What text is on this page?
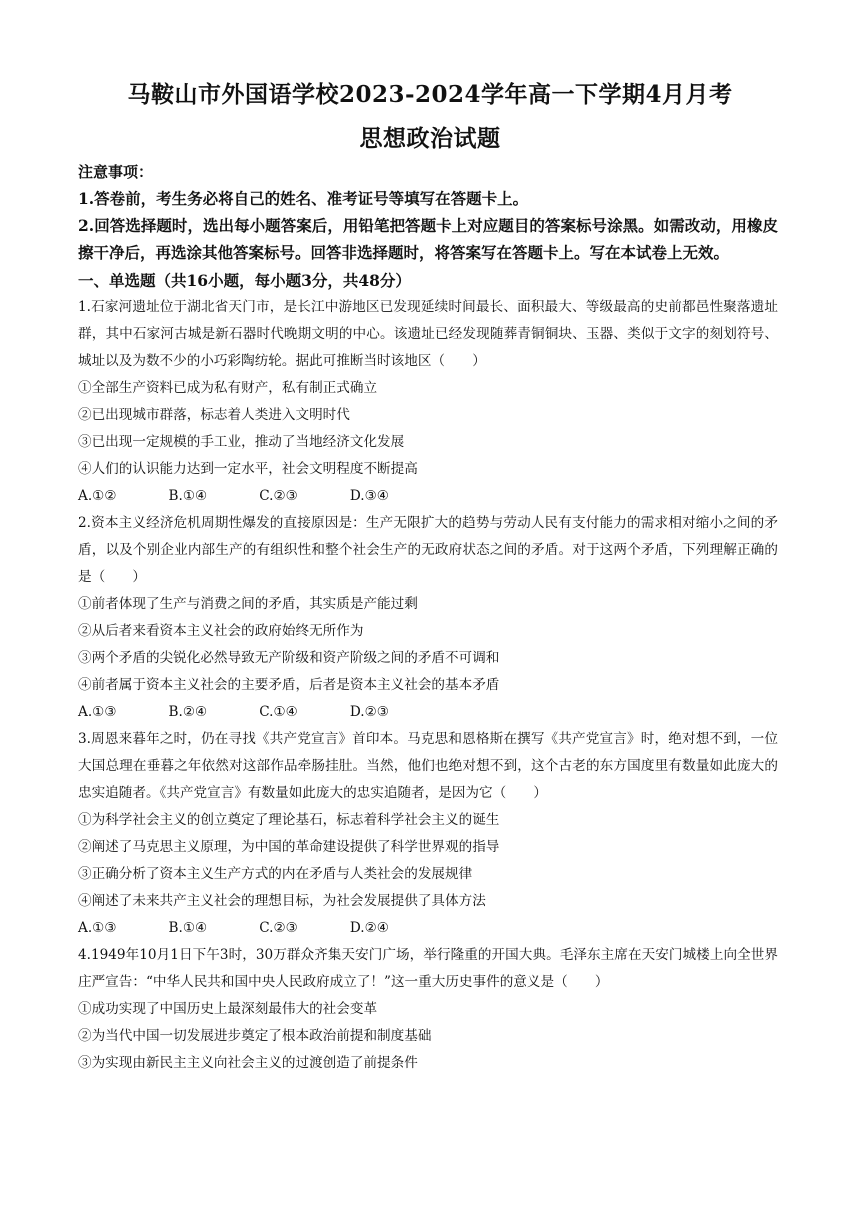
马鞍山市外国语学校2023-2024学年高一下学期4月月考
思想政治试题
注意事项：
1.答卷前，考生务必将自己的姓名、准考证号等填写在答题卡上。
2.回答选择题时，选出每小题答案后，用铅笔把答题卡上对应题目的答案标号涂黑。如需改动，用橡皮擦干净后，再选涂其他答案标号。回答非选择题时，将答案写在答题卡上。写在本试卷上无效。
一、单选题（共16小题，每小题3分，共48分）
1.石家河遗址位于湖北省天门市，是长江中游地区已发现延续时间最长、面积最大、等级最高的史前都邑性聚落遗址群，其中石家河古城是新石器时代晚期文明的中心。该遗址已经发现随葬青铜铜块、玉器、类似于文字的刻划符号、城址以及为数不少的小巧彩陶纺轮。据此可推断当时该地区（　　）
①全部生产资料已成为私有财产，私有制正式确立
②已出现城市群落，标志着人类进入文明时代
③已出现一定规模的手工业，推动了当地经济文化发展
④人们的认识能力达到一定水平，社会文明程度不断提高
A.①②	B.①④	C.②③	D.③④
2.资本主义经济危机周期性爆发的直接原因是：生产无限扩大的趋势与劳动人民有支付能力的需求相对缩小之间的矛盾，以及个别企业内部生产的有组织性和整个社会生产的无政府状态之间的矛盾。对于这两个矛盾，下列理解正确的是（　　）
①前者体现了生产与消费之间的矛盾，其实质是产能过剩
②从后者来看资本主义社会的政府始终无所作为
③两个矛盾的尖锐化必然导致无产阶级和资产阶级之间的矛盾不可调和
④前者属于资本主义社会的主要矛盾，后者是资本主义社会的基本矛盾
A.①③	B.②④	C.①④	D.②③
3.周恩来暮年之时，仍在寻找《共产党宣言》首印本。马克思和恩格斯在撰写《共产党宣言》时，绝对想不到，一位大国总理在垂暮之年依然对这部作品牵肠挂肚。当然，他们也绝对想不到，这个古老的东方国度里有数量如此庞大的忠实追随者。《共产党宣言》有数量如此庞大的忠实追随者，是因为它（　　）
①为科学社会主义的创立奠定了理论基石，标志着科学社会主义的诞生
②阐述了马克思主义原理，为中国的革命建设提供了科学世界观的指导
③正确分析了资本主义生产方式的内在矛盾与人类社会的发展规律
④阐述了未来共产主义社会的理想目标，为社会发展提供了具体方法
A.①③	B.①④	C.②③	D.②④
4.1949年10月1日下午3时，30万群众齐集天安门广场，举行隆重的开国大典。毛泽东主席在天安门城楼上向全世界庄严宣告：“中华人民共和国中央人民政府成立了！”这一重大历史事件的意义是（　　）
①成功实现了中国历史上最深刻最伟大的社会变革
②为当代中国一切发展进步奠定了根本政治前提和制度基础
③为实现由新民主主义向社会主义的过渡创造了前提条件
